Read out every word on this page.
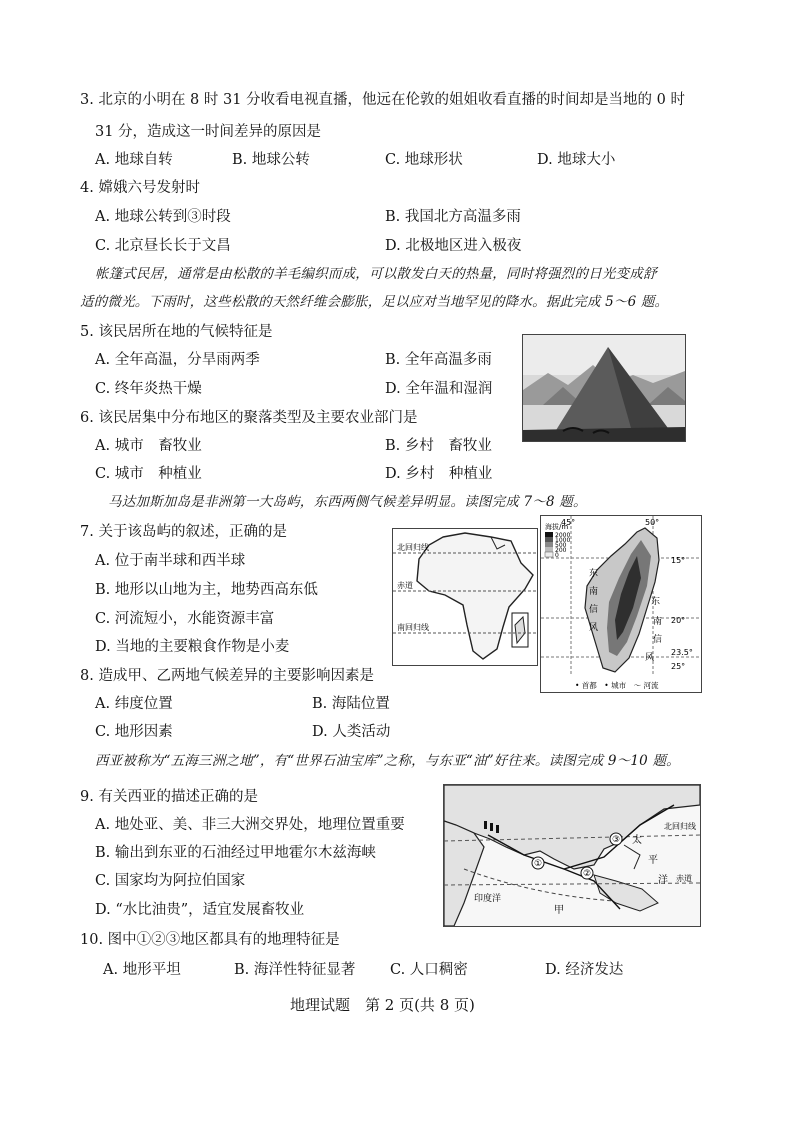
3. 北京的小明在 8 时 31 分收看电视直播，他远在伦敦的姐姐收看直播的时间却是当地的 0 时
31 分，造成这一时间差异的原因是
A. 地球自转	B. 地球公转	C. 地球形状	D. 地球大小
4. 嫦娥六号发射时
A. 地球公转到③时段	B. 我国北方高温多雨
C. 北京昼长长于文昌	D. 北极地区进入极夜
帐篷式民居，通常是由松散的羊毛编织而成，可以散发白天的热量，同时将强烈的日光变成舒
适的微光。下雨时，这些松散的天然纤维会膨胀，足以应对当地罕见的降水。据此完成 5～6 题。
5. 该民居所在地的气候特征是
A. 全年高温，分旱雨两季	B. 全年高温多雨
C. 终年炎热干燥	D. 全年温和湿润
6. 该民居集中分布地区的聚落类型及主要农业部门是
A. 城市　畜牧业	B. 乡村　畜牧业
C. 城市　种植业	D. 乡村　种植业
马达加斯加岛是非洲第一大岛屿，东西两侧气候差异明显。读图完成 7～8 题。
7. 关于该岛屿的叙述，正确的是
A. 位于南半球和西半球
B. 地形以山地为主，地势西高东低
C. 河流短小，水能资源丰富
D. 当地的主要粮食作物是小麦
北回归线
赤道
南回归线
45°	50°
15°
20°
23.5°
25°
海拔/m
2000
1000
500
200
0
东
南
信
风
东
南
信
风
• 首都　• 城市　～ 河流
8. 造成甲、乙两地气候差异的主要影响因素是
A. 纬度位置	B. 海陆位置
C. 地形因素	D. 人类活动
西亚被称为“五海三洲之地”，有“世界石油宝库”之称，与东亚“油”好往来。读图完成 9～10 题。
9. 有关西亚的描述正确的是
A. 地处亚、美、非三大洲交界处，地理位置重要
B. 输出到东亚的石油经过甲地霍尔木兹海峡
C. 国家均为阿拉伯国家
D. “水比油贵”，适宜发展畜牧业
①
②
③
北回归线
印度洋
太
平
洋 赤道
甲
10. 图中①②③地区都具有的地理特征是
A. 地形平坦	B. 海洋性特征显著 C. 人口稠密	D. 经济发达
地理试题　第 2 页(共 8 页)
